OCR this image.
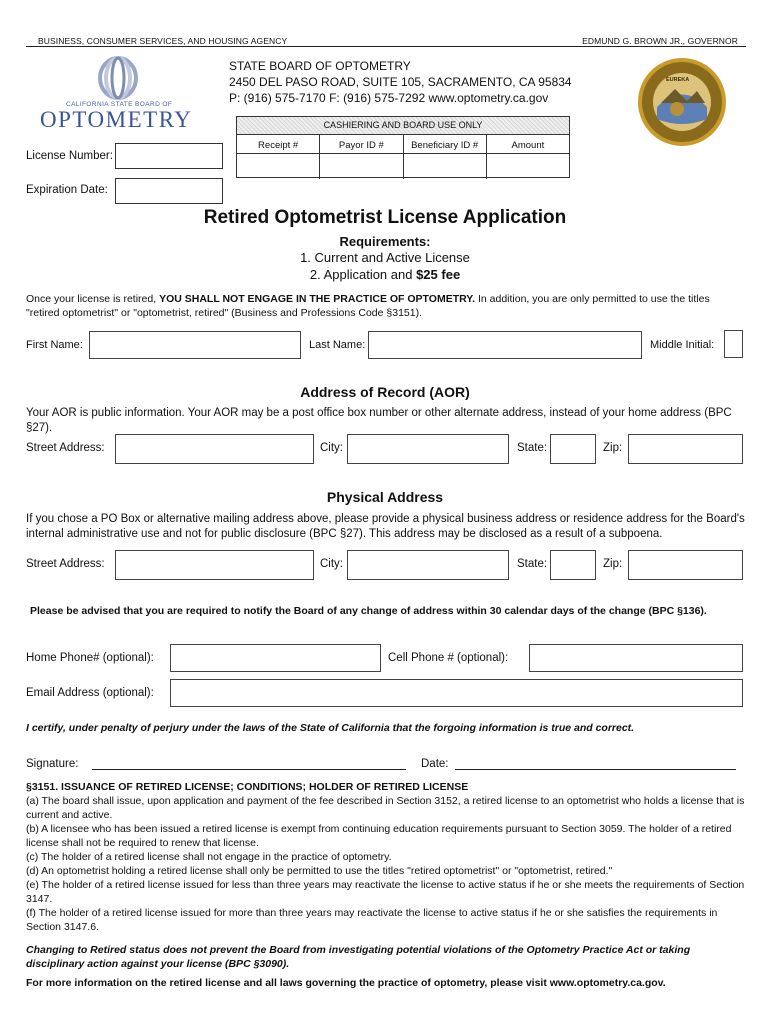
BUSINESS, CONSUMER SERVICES, AND HOUSING AGENCY	EDMUND G. BROWN JR., GOVERNOR
CALIFORNIA STATE BOARD OF
OPTOMETRY
STATE BOARD OF OPTOMETRY
2450 DEL PASO ROAD, SUITE 105, SACRAMENTO, CA 95834
P: (916) 575-7170 F: (916) 575-7292 www.optometry.ca.gov
EUREKA
CASHIERING AND BOARD USE ONLY
Receipt #	Payor ID #	Beneficiary ID #	Amount
License Number:
Expiration Date:
Retired Optometrist License Application
Requirements:
1. Current and Active License
2. Application and $25 fee
Once your license is retired, YOU SHALL NOT ENGAGE IN THE PRACTICE OF OPTOMETRY. In addition, you are only permitted to use the titles "retired optometrist" or "optometrist, retired" (Business and Professions Code §3151).
First Name:	Last Name:	Middle Initial:
Address of Record (AOR)
Your AOR is public information. Your AOR may be a post office box number or other alternate address, instead of your home address (BPC §27).
Street Address:	City:	State:	Zip:
Physical Address
If you chose a PO Box or alternative mailing address above, please provide a physical business address or residence address for the Board's internal administrative use and not for public disclosure (BPC §27). This address may be disclosed as a result of a subpoena.
Street Address:	City:	State:	Zip:
Please be advised that you are required to notify the Board of any change of address within 30 calendar days of the change (BPC §136).
Home Phone# (optional):	Cell Phone # (optional):
Email Address (optional):
I certify, under penalty of perjury under the laws of the State of California that the forgoing information is true and correct.
Signature:	Date:
§3151. ISSUANCE OF RETIRED LICENSE; CONDITIONS; HOLDER OF RETIRED LICENSE
(a) The board shall issue, upon application and payment of the fee described in Section 3152, a retired license to an optometrist who holds a license that is current and active.
(b) A licensee who has been issued a retired license is exempt from continuing education requirements pursuant to Section 3059. The holder of a retired license shall not be required to renew that license.
(c) The holder of a retired license shall not engage in the practice of optometry.
(d) An optometrist holding a retired license shall only be permitted to use the titles "retired optometrist" or "optometrist, retired."
(e) The holder of a retired license issued for less than three years may reactivate the license to active status if he or she meets the requirements of Section 3147.
(f) The holder of a retired license issued for more than three years may reactivate the license to active status if he or she satisfies the requirements in Section 3147.6.
Changing to Retired status does not prevent the Board from investigating potential violations of the Optometry Practice Act or taking disciplinary action against your license (BPC §3090).
For more information on the retired license and all laws governing the practice of optometry, please visit www.optometry.ca.gov.
